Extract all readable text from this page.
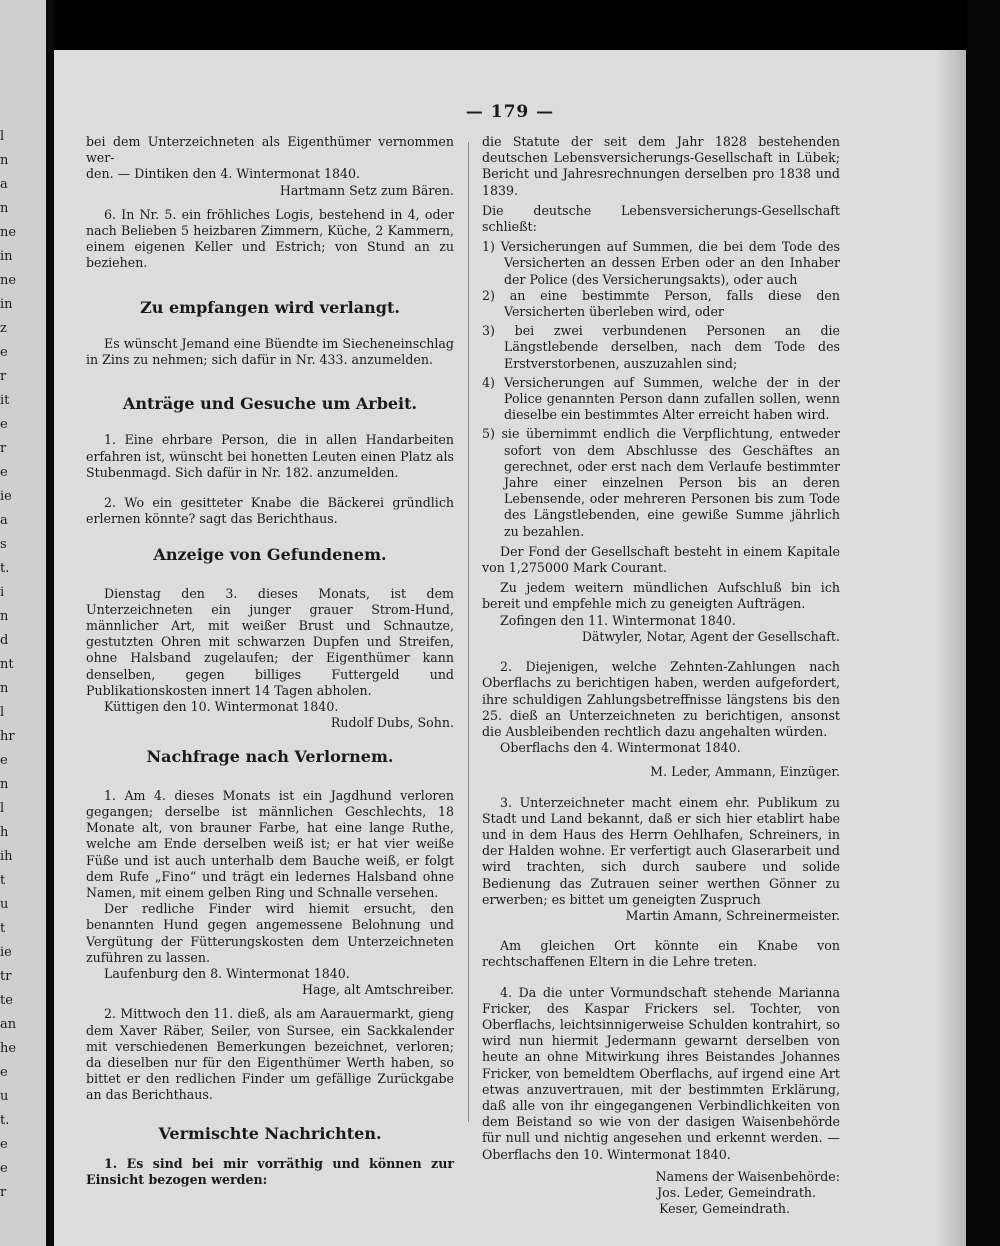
l
n
a
n
ne
in
ne
in
z
e
r
it
e
r
e
ie
a
s
t.
i
n
d
nt
n
l
hr
e
n
l
h
ih
t
u
t
ie
tr
te
an
he
e
u
t.
e
e
r
— 179 —

bei dem Unterzeichneten als Eigenthümer vernommen wer-

den. — Dintiken den 4. Wintermonat 1840.

Hartmann Setz zum Bären.

6. In Nr. 5. ein fröhliches Logis, bestehend in 4, oder nach Belieben 5 heizbaren Zimmern, Küche, 2 Kammern, einem eigenen Keller und Estrich; von Stund an zu beziehen.

Zu empfangen wird verlangt.

Es wünscht Jemand eine Büendte im Siecheneinschlag in Zins zu nehmen; sich dafür in Nr. 433. anzumelden.

Anträge und Gesuche um Arbeit.

1. Eine ehrbare Person, die in allen Handarbeiten erfahren ist, wünscht bei honetten Leuten einen Platz als Stubenmagd. Sich dafür in Nr. 182. anzumelden.

2. Wo ein gesitteter Knabe die Bäckerei gründlich erlernen könnte? sagt das Berichthaus.

Anzeige von Gefundenem.

Dienstag den 3. dieses Monats, ist dem Unterzeichneten ein junger grauer Strom-Hund, männlicher Art, mit weißer Brust und Schnautze, gestutzten Ohren mit schwarzen Dupfen und Streifen, ohne Halsband zugelaufen; der Eigenthümer kann denselben, gegen billiges Futtergeld und Publikationskosten innert 14 Tagen abholen.

Küttigen den 10. Wintermonat 1840.

Rudolf Dubs, Sohn.

Nachfrage nach Verlornem.

1. Am 4. dieses Monats ist ein Jagdhund verloren gegangen; derselbe ist männlichen Geschlechts, 18 Monate alt, von brauner Farbe, hat eine lange Ruthe, welche am Ende derselben weiß ist; er hat vier weiße Füße und ist auch unterhalb dem Bauche weiß, er folgt dem Rufe „Fino“ und trägt ein ledernes Halsband ohne Namen, mit einem gelben Ring und Schnalle versehen.

Der redliche Finder wird hiemit ersucht, den benannten Hund gegen angemessene Belohnung und Vergütung der Fütterungskosten dem Unterzeichneten zuführen zu lassen.

Laufenburg den 8. Wintermonat 1840.

Hage, alt Amtschreiber.

2. Mittwoch den 11. dieß, als am Aarauermarkt, gieng dem Xaver Räber, Seiler, von Sursee, ein Sackkalender mit verschiedenen Bemerkungen bezeichnet, verloren; da dieselben nur für den Eigenthümer Werth haben, so bittet er den redlichen Finder um gefällige Zurückgabe an das Berichthaus.

Vermischte Nachrichten.

1. Es sind bei mir vorräthig und können zur Einsicht bezogen werden:

die Statute der seit dem Jahr 1828 bestehenden deutschen Lebensversicherungs-Gesellschaft in Lübek; Bericht und Jahresrechnungen derselben pro 1838 und 1839.

Die deutsche Lebensversicherungs-Gesellschaft schließt:

1) Versicherungen auf Summen, die bei dem Tode des Versicherten an dessen Erben oder an den Inhaber der Police (des Versicherungsakts), oder auch

2) an eine bestimmte Person, falls diese den Versicherten überleben wird, oder

3) bei zwei verbundenen Personen an die Längstlebende derselben, nach dem Tode des Erstverstorbenen, auszuzahlen sind;

4) Versicherungen auf Summen, welche der in der Police genannten Person dann zufallen sollen, wenn dieselbe ein bestimmtes Alter erreicht haben wird.

5) sie übernimmt endlich die Verpflichtung, entweder sofort von dem Abschlusse des Geschäftes an gerechnet, oder erst nach dem Verlaufe bestimmter Jahre einer einzelnen Person bis an deren Lebensende, oder mehreren Personen bis zum Tode des Längstlebenden, eine gewiße Summe jährlich zu bezahlen.

Der Fond der Gesellschaft besteht in einem Kapitale von 1,275000 Mark Courant.

Zu jedem weitern mündlichen Aufschluß bin ich bereit und empfehle mich zu geneigten Aufträgen.

Zofingen den 11. Wintermonat 1840.

Dätwyler, Notar, Agent der Gesellschaft.

2. Diejenigen, welche Zehnten-Zahlungen nach Oberflachs zu berichtigen haben, werden aufgefordert, ihre schuldigen Zahlungsbetreffnisse längstens bis den 25. dieß an Unterzeichneten zu berichtigen, ansonst die Ausbleibenden rechtlich dazu angehalten würden.

Oberflachs den 4. Wintermonat 1840.

M. Leder, Ammann, Einzüger.

3. Unterzeichneter macht einem ehr. Publikum zu Stadt und Land bekannt, daß er sich hier etablirt habe und in dem Haus des Herrn Oehlhafen, Schreiners, in der Halden wohne. Er verfertigt auch Glaserarbeit und wird trachten, sich durch saubere und solide Bedienung das Zutrauen seiner werthen Gönner zu erwerben; es bittet um geneigten Zuspruch

Martin Amann, Schreinermeister.

Am gleichen Ort könnte ein Knabe von rechtschaffenen Eltern in die Lehre treten.

4. Da die unter Vormundschaft stehende Marianna Fricker, des Kaspar Frickers sel. Tochter, von Oberflachs, leichtsinnigerweise Schulden kontrahirt, so wird nun hiermit Jedermann gewarnt derselben von heute an ohne Mitwirkung ihres Beistandes Johannes Fricker, von bemeldtem Oberflachs, auf irgend eine Art etwas anzuvertrauen, mit der bestimmten Erklärung, daß alle von ihr eingegangenen Verbindlichkeiten von dem Beistand so wie von der dasigen Waisenbehörde für null und nichtig angesehen und erkennt werden. — Oberflachs den 10. Wintermonat 1840.

Namens der Waisenbehörde:

Jos. Leder, Gemeindrath.

Keser, Gemeindrath.
